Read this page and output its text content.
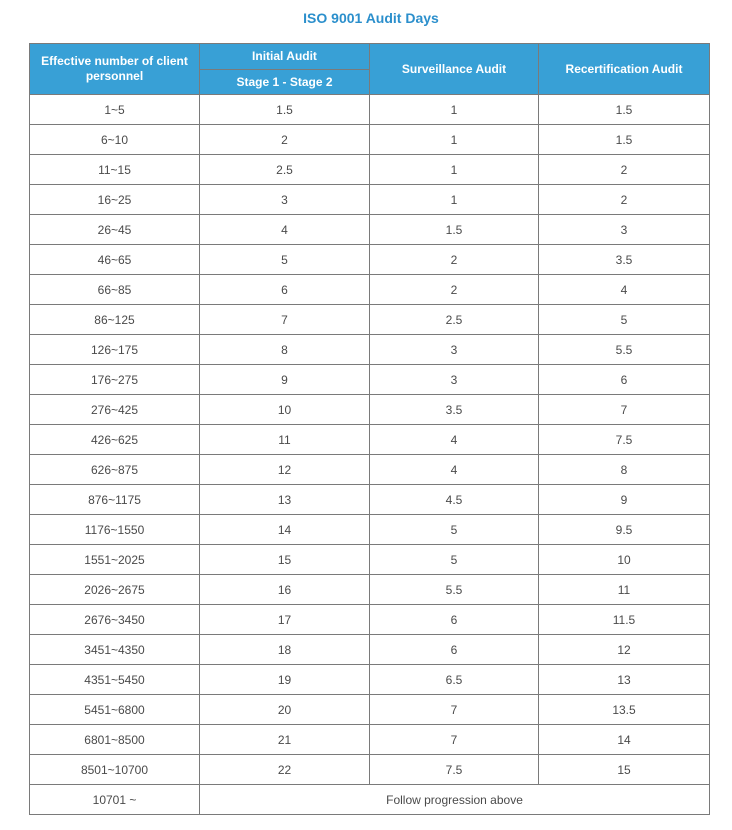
ISO 9001 Audit Days
Effective number of client personnel	Initial Audit	Surveillance Audit	Recertification Audit
	Stage 1 - Stage 2		
1~5	1.5	1	1.5
6~10	2	1	1.5
11~15	2.5	1	2
16~25	3	1	2
26~45	4	1.5	3
46~65	5	2	3.5
66~85	6	2	4
86~125	7	2.5	5
126~175	8	3	5.5
176~275	9	3	6
276~425	10	3.5	7
426~625	11	4	7.5
626~875	12	4	8
876~1175	13	4.5	9
1176~1550	14	5	9.5
1551~2025	15	5	10
2026~2675	16	5.5	11
2676~3450	17	6	11.5
3451~4350	18	6	12
4351~5450	19	6.5	13
5451~6800	20	7	13.5
6801~8500	21	7	14
8501~10700	22	7.5	15
10701 ~	Follow progression above		
